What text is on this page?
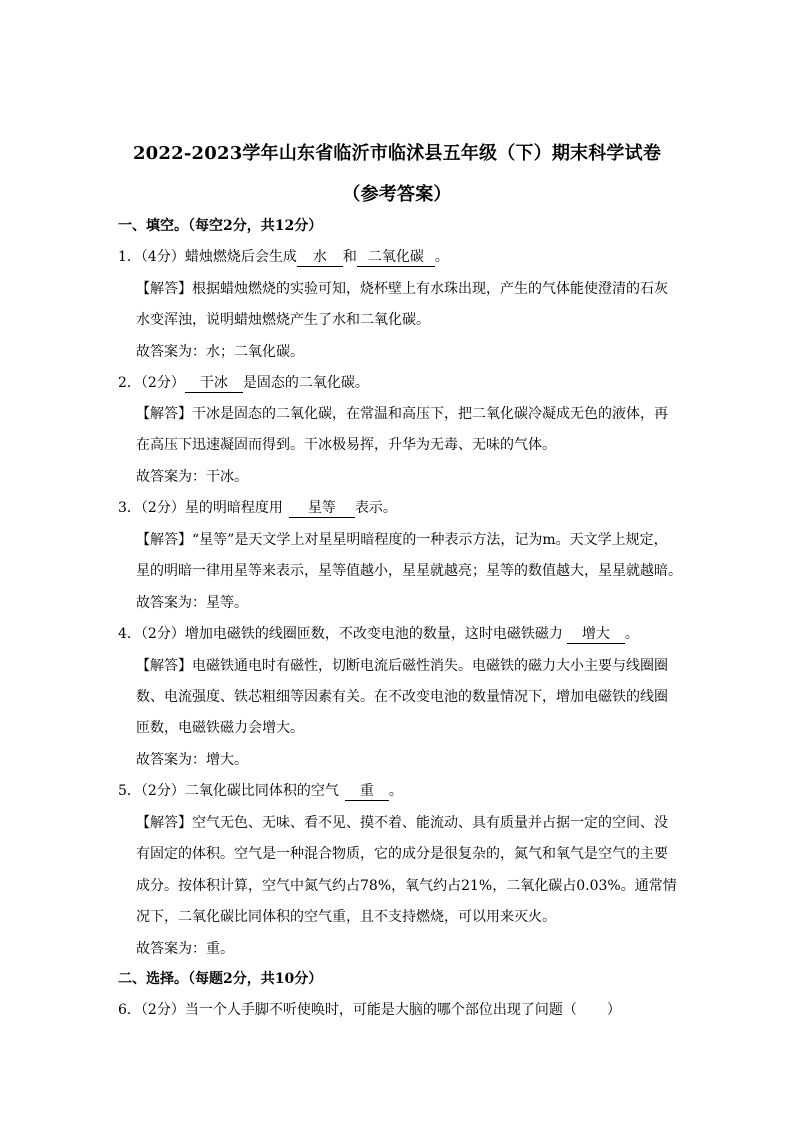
2022-2023学年山东省临沂市临沭县五年级（下）期末科学试卷
（参考答案）
一、填空。（每空2分，共12分）
1．（4分）蜡烛燃烧后会生成 水 和 二氧化碳 。
【解答】根据蜡烛燃烧的实验可知，烧杯壁上有水珠出现，产生的气体能使澄清的石灰
水变浑浊，说明蜡烛燃烧产生了水和二氧化碳。
故答案为：水；二氧化碳。
2．（2分） 干冰 是固态的二氧化碳。
【解答】干冰是固态的二氧化碳，在常温和高压下，把二氧化碳冷凝成无色的液体，再
在高压下迅速凝固而得到。干冰极易挥，升华为无毒、无味的气体。
故答案为：干冰。
3．（2分）星的明暗程度用 星等 表示。
【解答】“星等”是天文学上对星星明暗程度的一种表示方法，记为m。天文学上规定，
星的明暗一律用星等来表示，星等值越小，星星就越亮；星等的数值越大，星星就越暗。
故答案为：星等。
4．（2分）增加电磁铁的线圈匝数，不改变电池的数量，这时电磁铁磁力 增大 。
【解答】电磁铁通电时有磁性，切断电流后磁性消失。电磁铁的磁力大小主要与线圈圈
数、电流强度、铁芯粗细等因素有关。在不改变电池的数量情况下，增加电磁铁的线圈
匝数，电磁铁磁力会增大。
故答案为：增大。
5．（2分）二氧化碳比同体积的空气 重 。
【解答】空气无色、无味、看不见、摸不着、能流动、具有质量并占据一定的空间、没
有固定的体积。空气是一种混合物质，它的成分是很复杂的，氮气和氧气是空气的主要
成分。按体积计算，空气中氮气约占78%，氧气约占21%，二氧化碳占0.03%。通常情
况下，二氧化碳比同体积的空气重，且不支持燃烧，可以用来灭火。
故答案为：重。
二、选择。（每题2分，共10分）
6．（2分）当一个人手脚不听使唤时，可能是大脑的哪个部位出现了问题（ ）
